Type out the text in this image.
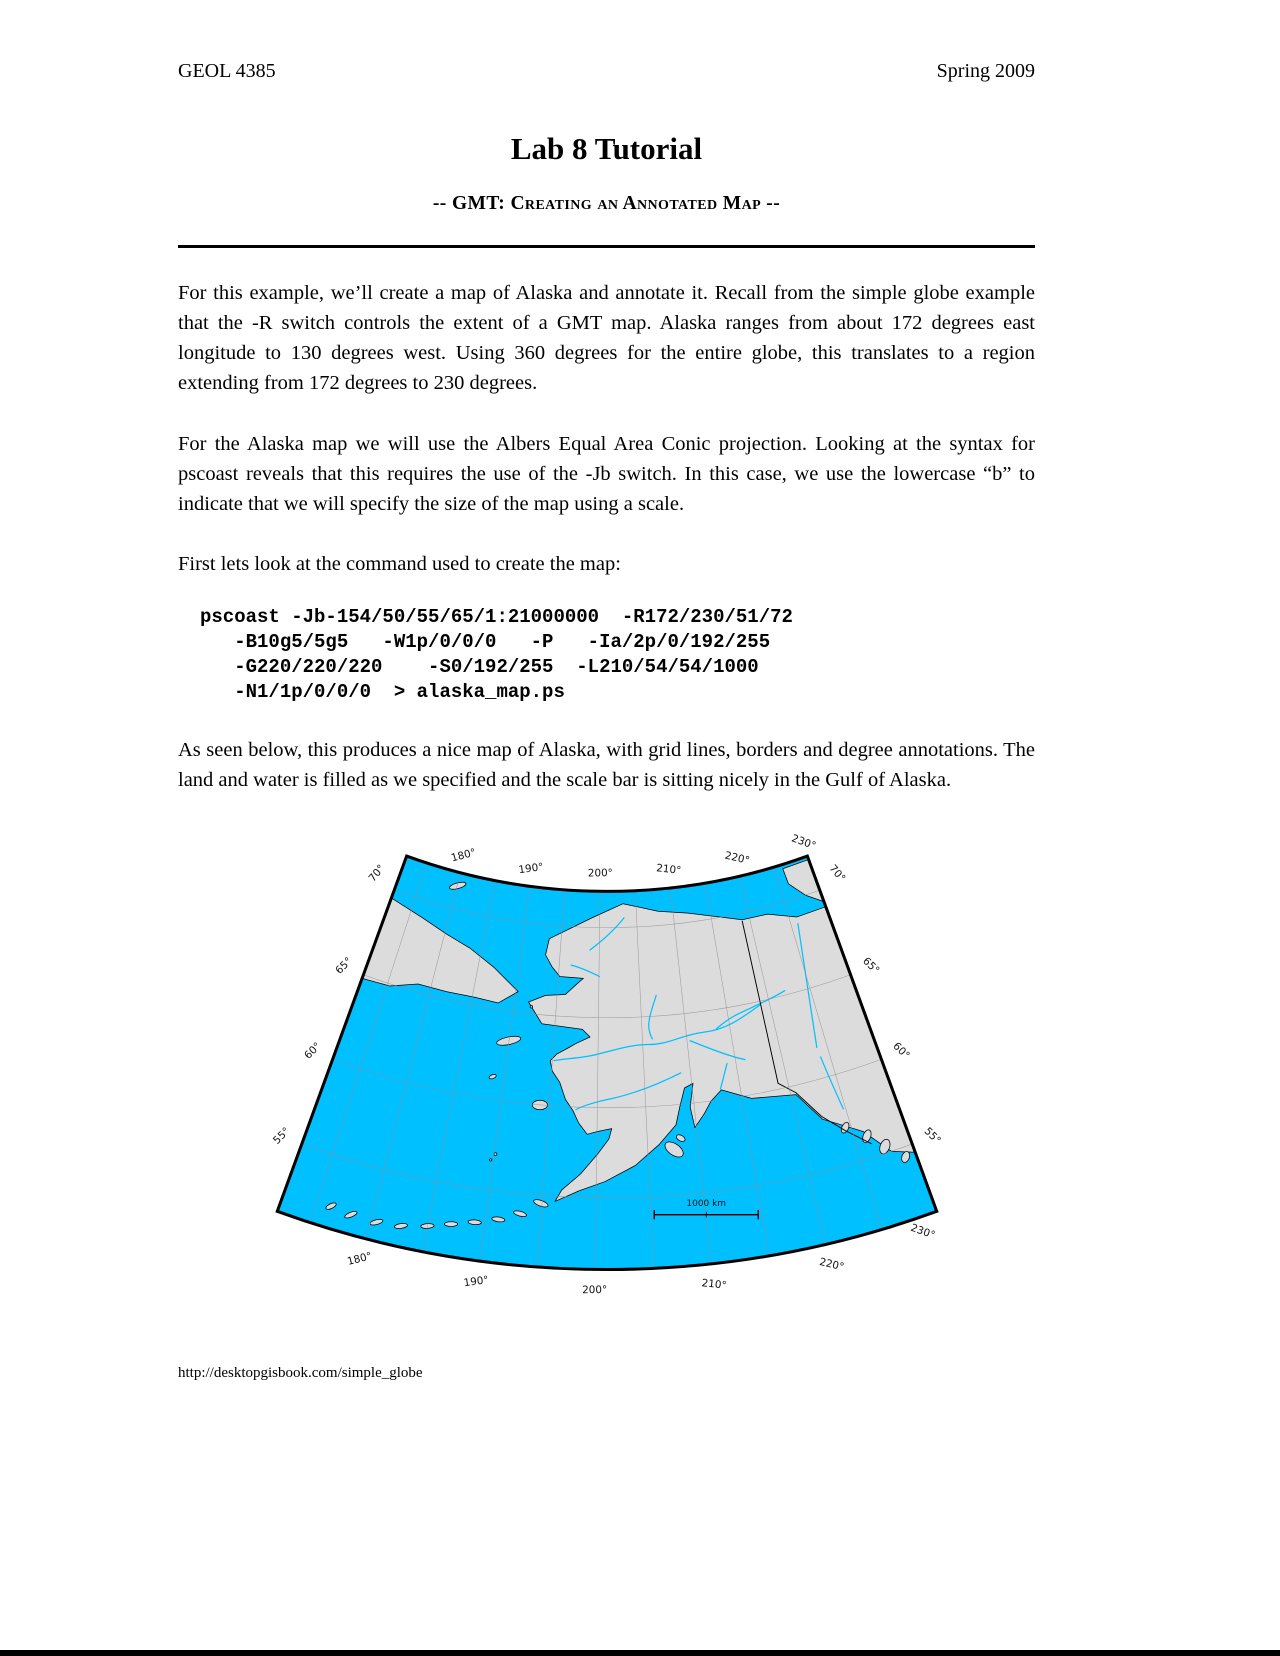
GEOL 4385	Spring 2009
Lab 8 Tutorial
-- GMT: Creating an Annotated Map --

For this example, we’ll create a map of Alaska and annotate it. Recall from the simple globe example that the -R switch controls the extent of a GMT map. Alaska ranges from about 172 degrees east longitude to 130 degrees west. Using 360 degrees for the entire globe, this translates to a region extending from 172 degrees to 230 degrees.

For the Alaska map we will use the Albers Equal Area Conic projection. Looking at the syntax for pscoast reveals that this requires the use of the -Jb switch. In this case, we use the lowercase “b” to indicate that we will specify the size of the map using a scale.

First lets look at the command used to create the map:

pscoast -Jb-154/50/55/65/1:21000000  -R172/230/51/72
-B10g5/5g5   -W1p/0/0/0   -P   -Ia/2p/0/192/255
-G220/220/220    -S0/192/255  -L210/54/54/1000
-N1/1p/0/0/0  > alaska_map.ps

As seen below, this produces a nice map of Alaska, with grid lines, borders and degree annotations. The land and water is filled as we specified and the scale bar is sitting nicely in the Gulf of Alaska.

1000 km
70°
180°
190°	200°	210°
220°
230°
70°
65°
60°
55°
65°
60°
55°
180°
190°
200°	210°
220°
230°
http://desktopgisbook.com/simple_globe
